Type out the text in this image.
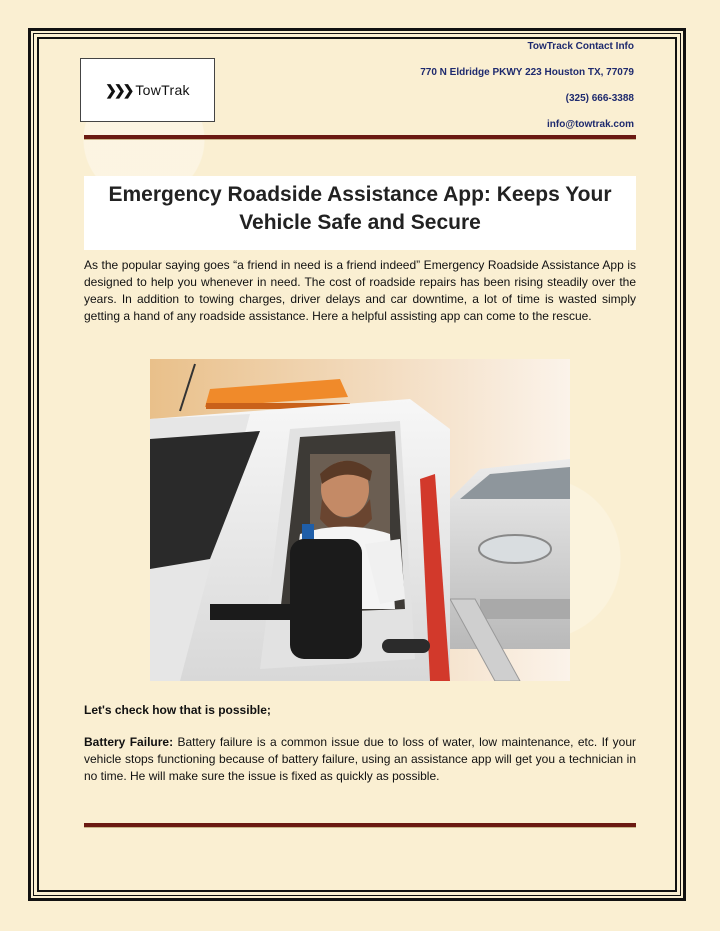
❯❯❯ TowTrak
TowTrack Contact Info
770 N Eldridge PKWY 223 Houston TX, 77079
(325) 666-3388
info@towtrak.com
Emergency Roadside Assistance App: Keeps Your Vehicle Safe and Secure

As the popular saying goes “a friend in need is a friend indeed” Emergency Roadside Assistance App is designed to help you whenever in need. The cost of roadside repairs has been rising steadily over the years. In addition to towing charges, driver delays and car downtime, a lot of time is wasted simply getting a hand of any roadside assistance. Here a helpful assisting app can come to the rescue.

Let's check how that is possible;

Battery Failure: Battery failure is a common issue due to loss of water, low maintenance, etc. If your vehicle stops functioning because of battery failure, using an assistance app will get you a technician in no time. He will make sure the issue is fixed as quickly as possible.
